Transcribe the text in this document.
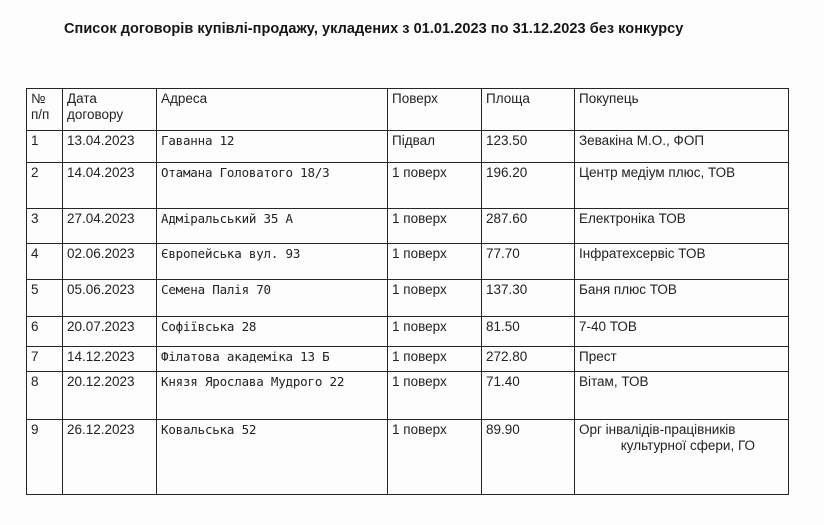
Список договорів купівлі-продажу, укладених з 01.01.2023 по 31.12.2023 без конкурсу
№ п/п	Дата договору	Адреса	Поверх	Площа	Покупець
1	13.04.2023	Гаванна 12	Підвал	123.50	Зевакіна М.О., ФОП
2	14.04.2023	Отамана Головатого 18/3	1 поверх	196.20	Центр медіум плюс, ТОВ
3	27.04.2023	Адміральський 35 А	1 поверх	287.60	Електроніка ТОВ
4	02.06.2023	Європейська вул. 93	1 поверх	77.70	Інфратехсервіс ТОВ
5	05.06.2023	Семена Палія 70	1 поверх	137.30	Баня плюс ТОВ
6	20.07.2023	Софіївська 28	1 поверх	81.50	7-40 ТОВ
7	14.12.2023	Філатова академіка 13 Б	1 поверх	272.80	Прест
8	20.12.2023	Князя Ярослава Мудрого 22	1 поверх	71.40	Вітам, ТОВ
9	26.12.2023	Ковальська 52	1 поверх	89.90	Орг інвалідів-працівників
культурної сфери, ГО
